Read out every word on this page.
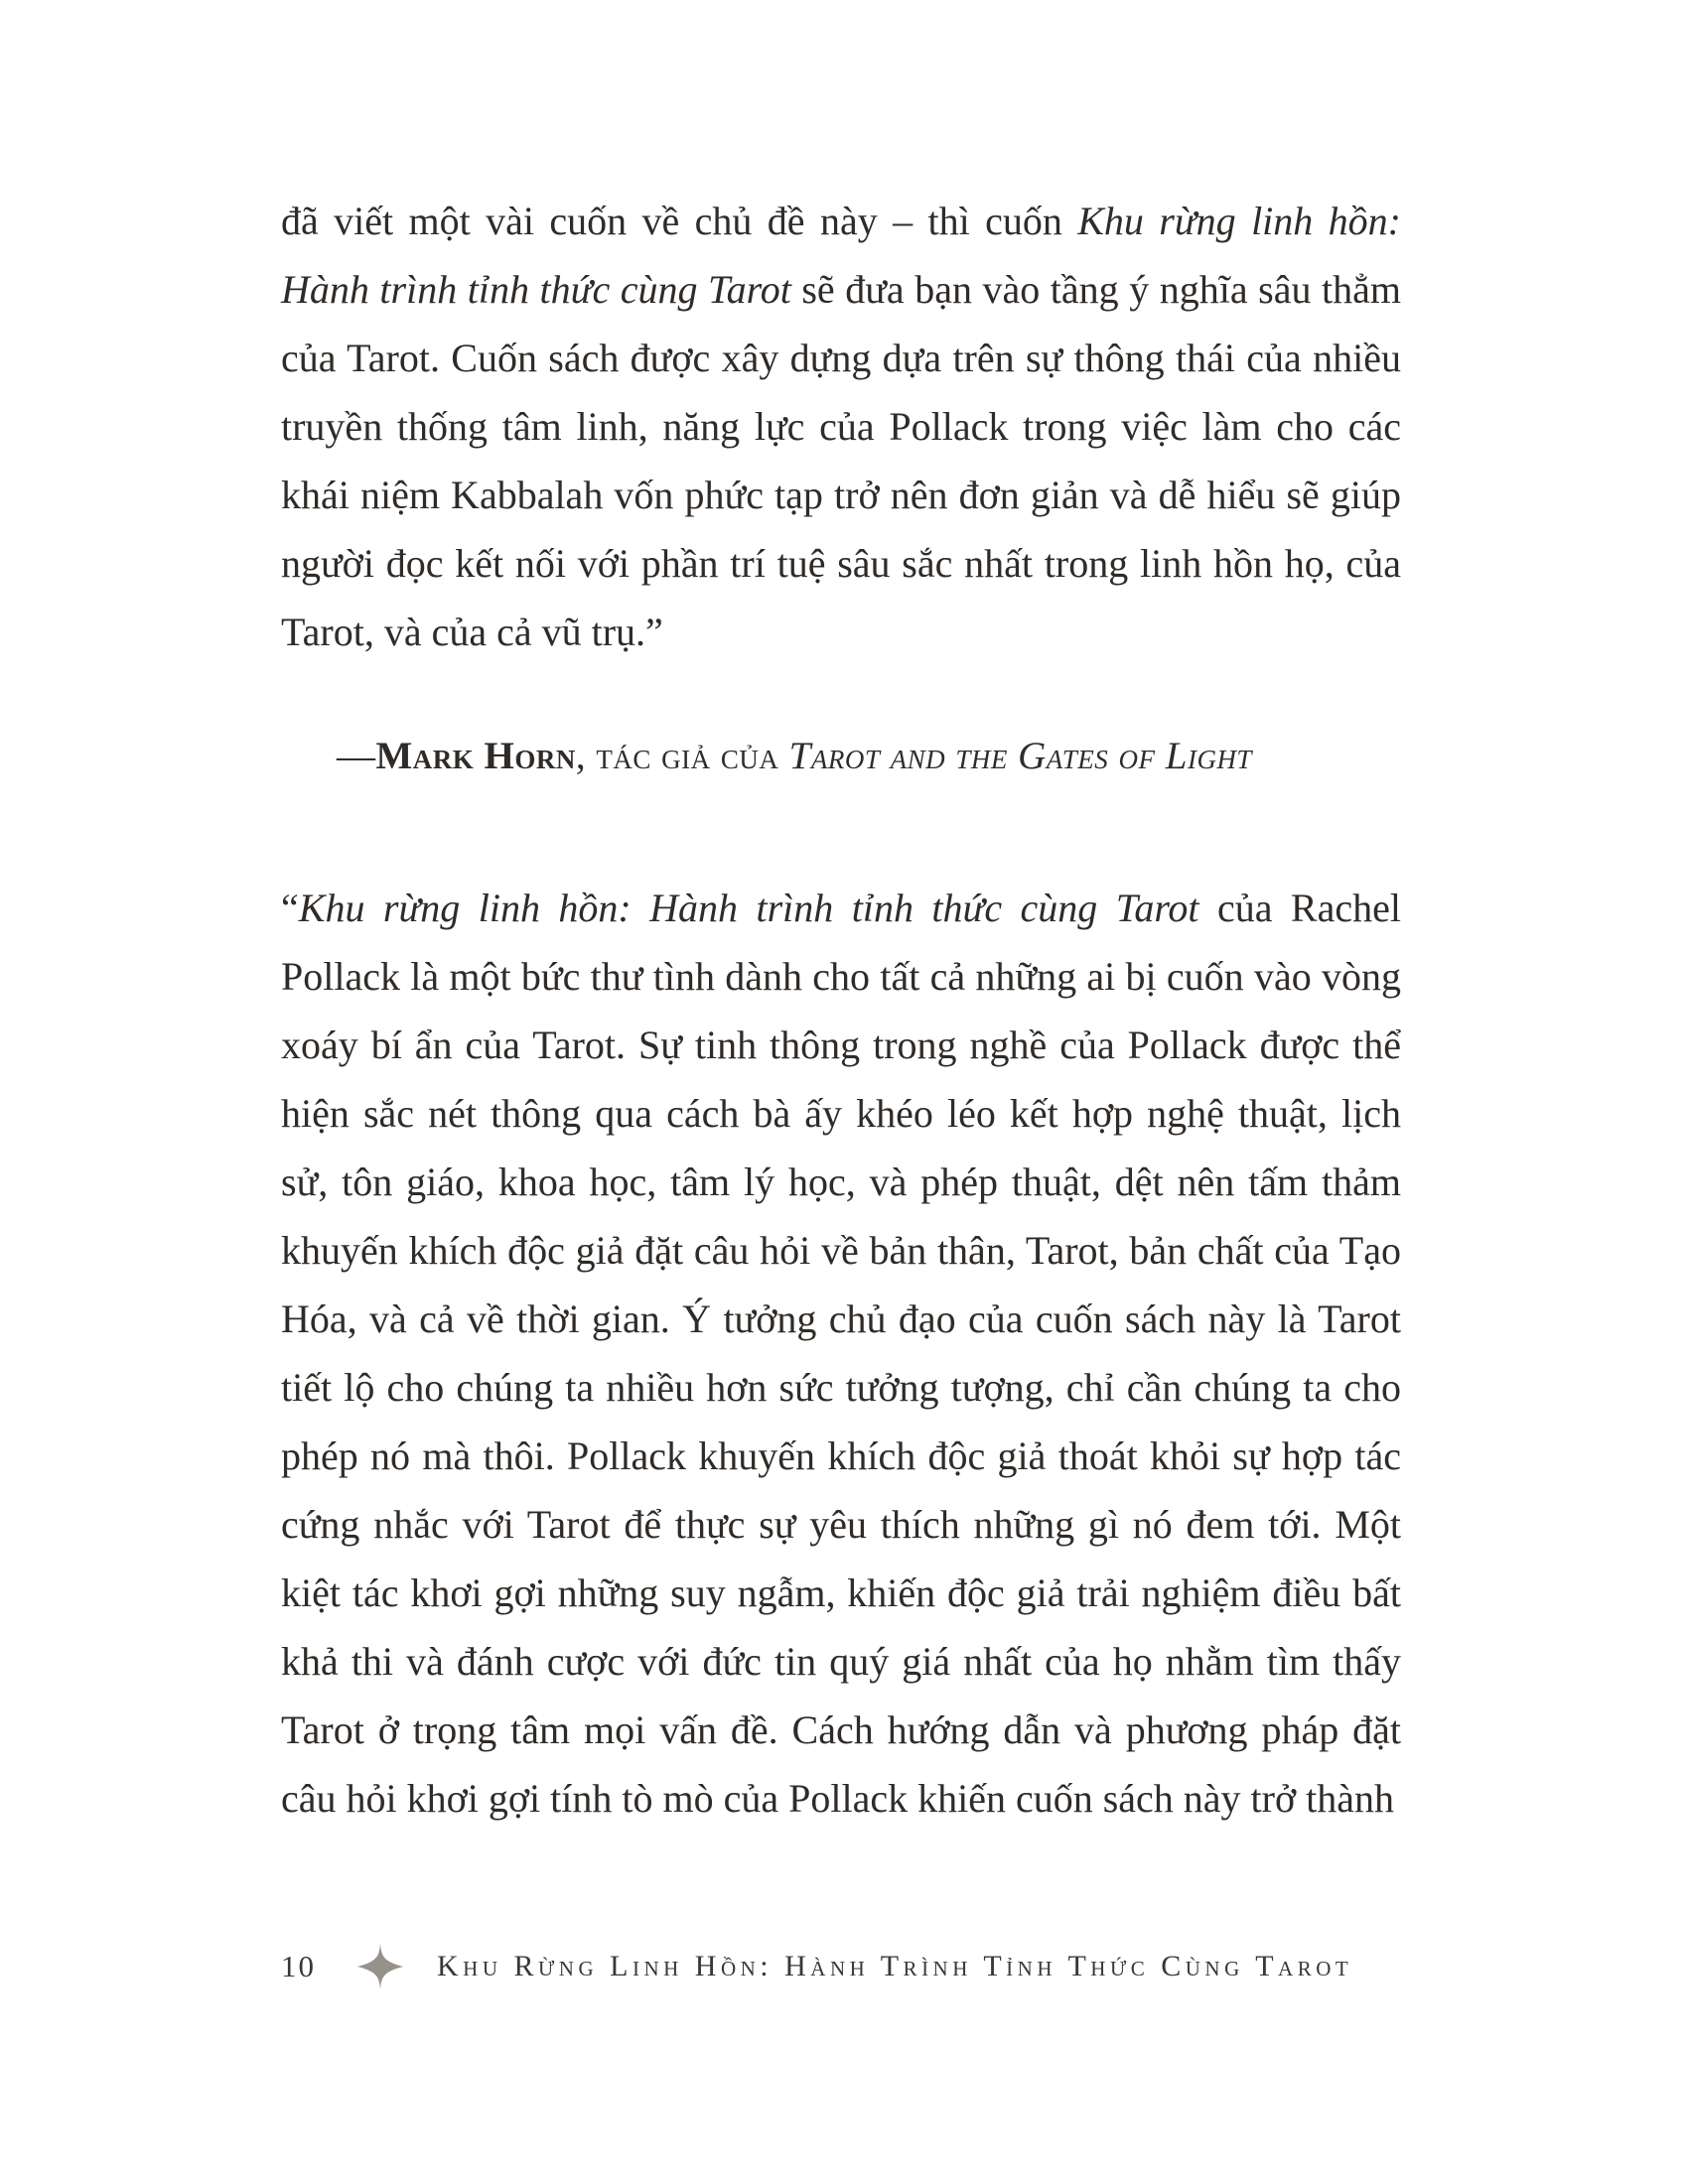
đã viết một vài cuốn về chủ đề này – thì cuốn Khu rừng linh hồn: Hành trình tỉnh thức cùng Tarot sẽ đưa bạn vào tầng ý nghĩa sâu thẳm của Tarot. Cuốn sách được xây dựng dựa trên sự thông thái của nhiều truyền thống tâm linh, năng lực của Pollack trong việc làm cho các khái niệm Kabbalah vốn phức tạp trở nên đơn giản và dễ hiểu sẽ giúp người đọc kết nối với phần trí tuệ sâu sắc nhất trong linh hồn họ, của Tarot, và của cả vũ trụ.”

—Mark Horn, tác giả của Tarot and the Gates of Light

“Khu rừng linh hồn: Hành trình tỉnh thức cùng Tarot của Rachel Pollack là một bức thư tình dành cho tất cả những ai bị cuốn vào vòng xoáy bí ẩn của Tarot. Sự tinh thông trong nghề của Pollack được thể hiện sắc nét thông qua cách bà ấy khéo léo kết hợp nghệ thuật, lịch sử, tôn giáo, khoa học, tâm lý học, và phép thuật, dệt nên tấm thảm khuyến khích độc giả đặt câu hỏi về bản thân, Tarot, bản chất của Tạo Hóa, và cả về thời gian. Ý tưởng chủ đạo của cuốn sách này là Tarot tiết lộ cho chúng ta nhiều hơn sức tưởng tượng, chỉ cần chúng ta cho phép nó mà thôi. Pollack khuyến khích độc giả thoát khỏi sự hợp tác cứng nhắc với Tarot để thực sự yêu thích những gì nó đem tới. Một kiệt tác khơi gợi những suy ngẫm, khiến độc giả trải nghiệm điều bất khả thi và đánh cược với đức tin quý giá nhất của họ nhằm tìm thấy Tarot ở trọng tâm mọi vấn đề. Cách hướng dẫn và phương pháp đặt câu hỏi khơi gợi tính tò mò của Pollack khiến cuốn sách này trở thành

10	Khu Rừng Linh Hồn: Hành Trình Tỉnh Thức Cùng Tarot
